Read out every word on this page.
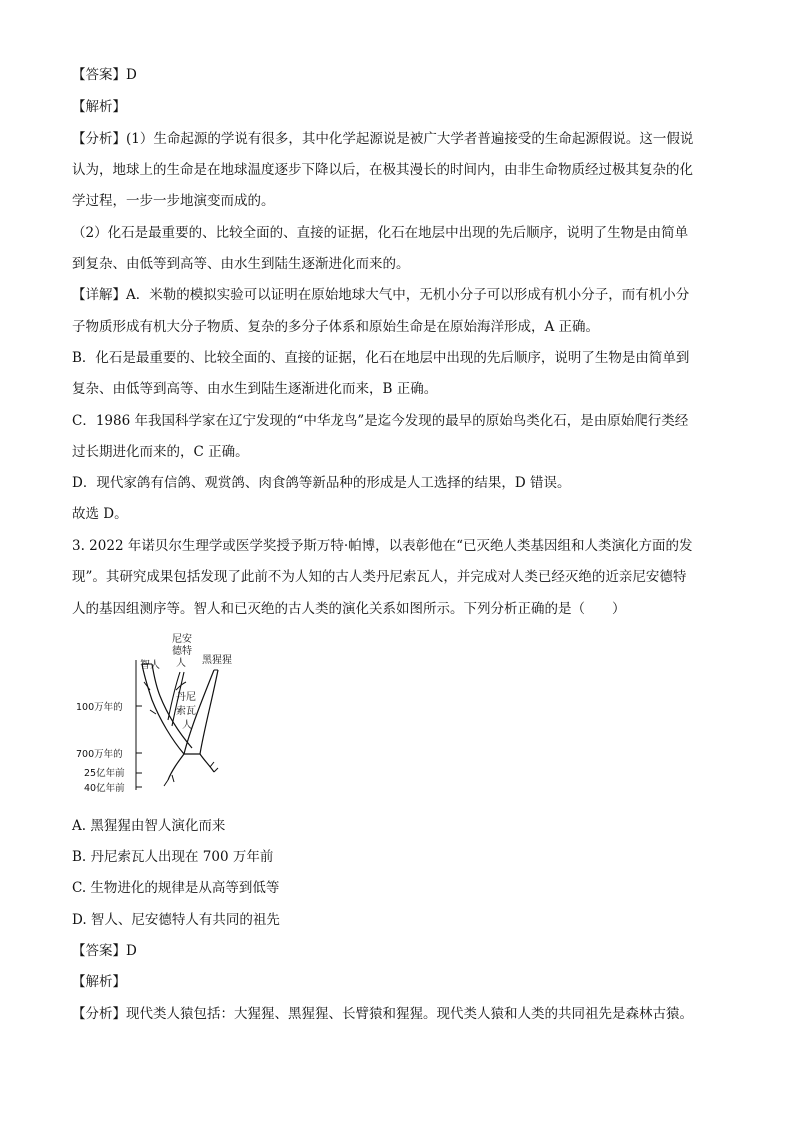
【答案】D
【解析】
【分析】(1）生命起源的学说有很多，其中化学起源说是被广大学者普遍接受的生命起源假说。这一假说
认为，地球上的生命是在地球温度逐步下降以后，在极其漫长的时间内，由非生命物质经过极其复杂的化
学过程，一步一步地演变而成的。
（2）化石是最重要的、比较全面的、直接的证据，化石在地层中出现的先后顺序，说明了生物是由简单
到复杂、由低等到高等、由水生到陆生逐渐进化而来的。
【详解】A．米勒的模拟实验可以证明在原始地球大气中，无机小分子可以形成有机小分子，而有机小分
子物质形成有机大分子物质、复杂的多分子体系和原始生命是在原始海洋形成，A 正确。
B．化石是最重要的、比较全面的、直接的证据，化石在地层中出现的先后顺序，说明了生物是由简单到
复杂、由低等到高等、由水生到陆生逐渐进化而来，B 正确。
C．1986 年我国科学家在辽宁发现的“中华龙鸟”是迄今发现的最早的原始鸟类化石，是由原始爬行类经
过长期进化而来的，C 正确。
D．现代家鸽有信鸽、观赏鸽、肉食鸽等新品种的形成是人工选择的结果，D 错误。
故选 D。
3. 2022 年诺贝尔生理学或医学奖授予斯万特·帕博，以表彰他在“已灭绝人类基因组和人类演化方面的发
现”。其研究成果包括发现了此前不为人知的古人类丹尼索瓦人，并完成对人类已经灭绝的近亲尼安德特
人的基因组测序等。智人和已灭绝的古人类的演化关系如图所示。下列分析正确的是（　　）
100万年的
700万年的
25亿年前
40亿年前
尼安
德特
人
智人	黑猩猩
丹尼
索瓦
人
A. 黑猩猩由智人演化而来
B. 丹尼索瓦人出现在 700 万年前
C. 生物进化的规律是从高等到低等
D. 智人、尼安德特人有共同的祖先
【答案】D
【解析】
【分析】现代类人猿包括：大猩猩、黑猩猩、长臂猿和猩猩。现代类人猿和人类的共同祖先是森林古猿。
